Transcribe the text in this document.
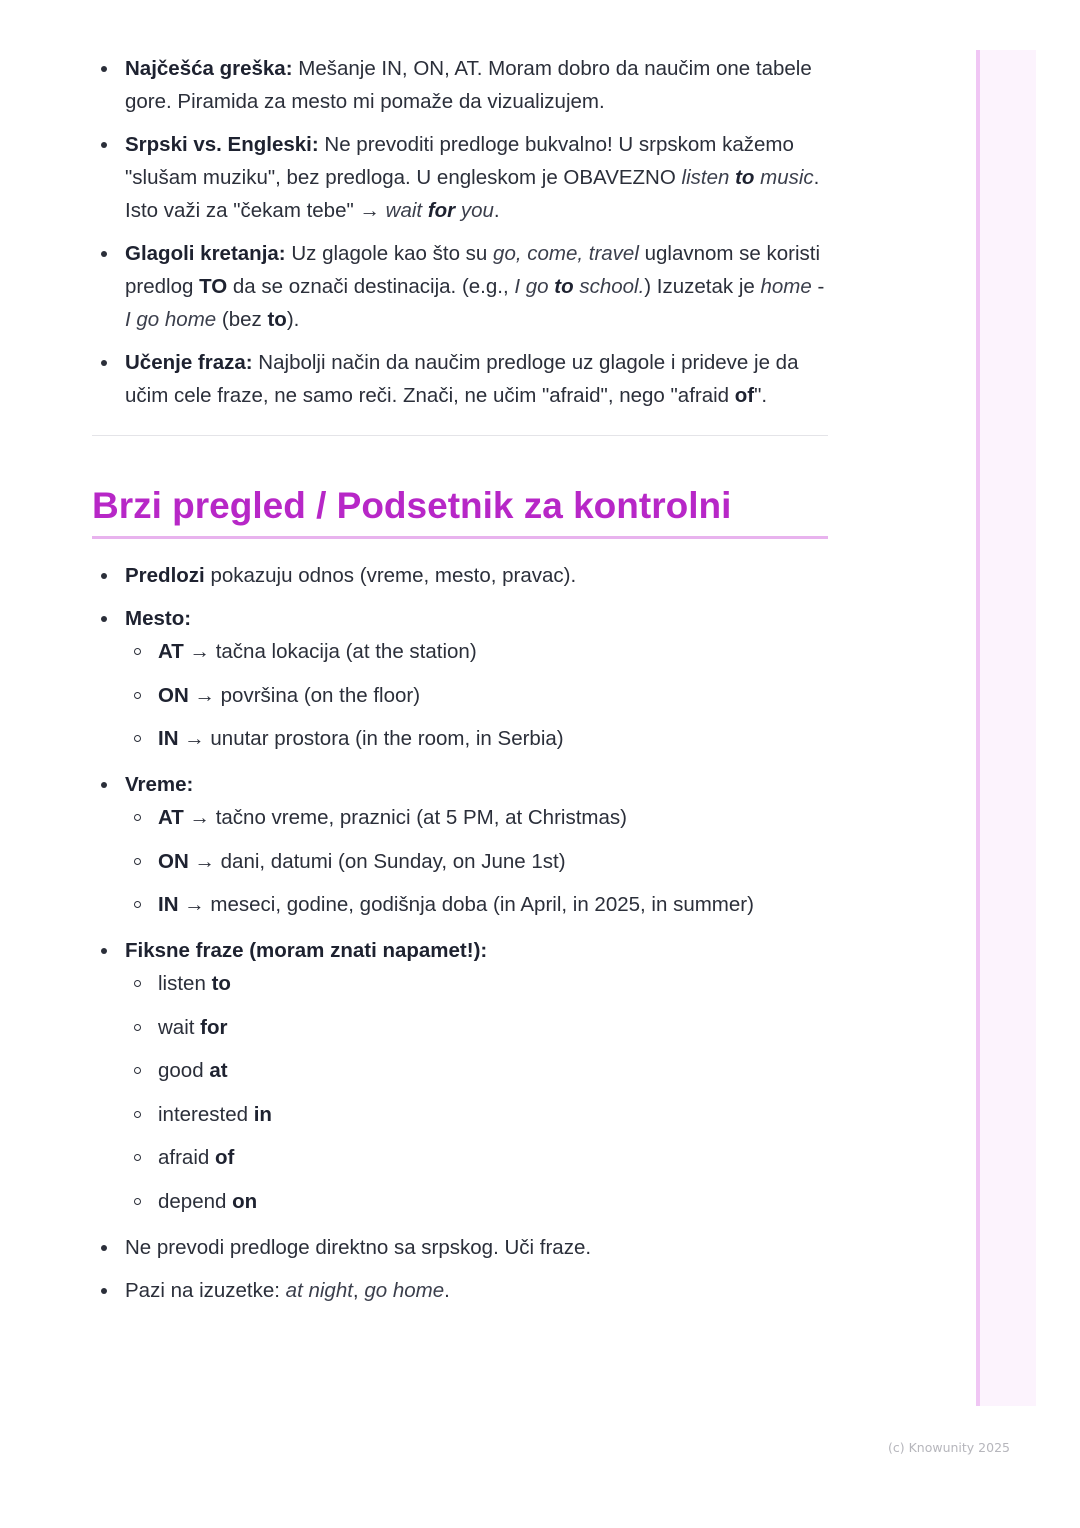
Najčešća greška: Mešanje IN, ON, AT. Moram dobro da naučim one tabele gore. Piramida za mesto mi pomaže da vizualizujem.
Srpski vs. Engleski: Ne prevoditi predloge bukvalno! U srpskom kažemo "slušam muziku", bez predloga. U engleskom je OBAVEZNO listen to music. Isto važi za "čekam tebe" → wait for you.
Glagoli kretanja: Uz glagole kao što su go, come, travel uglavnom se koristi predlog TO da se označi destinacija. (e.g., I go to school.) Izuzetak je home - I go home (bez to).
Učenje fraza: Najbolji način da naučim predloge uz glagole i prideve je da učim cele fraze, ne samo reči. Znači, ne učim "afraid", nego "afraid of".
Brzi pregled / Podsetnik za kontrolni
Predlozi pokazuju odnos (vreme, mesto, pravac).
Mesto:
AT → tačna lokacija (at the station)
ON → površina (on the floor)
IN → unutar prostora (in the room, in Serbia)
Vreme:
AT → tačno vreme, praznici (at 5 PM, at Christmas)
ON → dani, datumi (on Sunday, on June 1st)
IN → meseci, godine, godišnja doba (in April, in 2025, in summer)
Fiksne fraze (moram znati napamet!):
listen to
wait for
good at
interested in
afraid of
depend on
Ne prevodi predloge direktno sa srpskog. Uči fraze.
Pazi na izuzetke: at night, go home.
(c) Knowunity 2025
